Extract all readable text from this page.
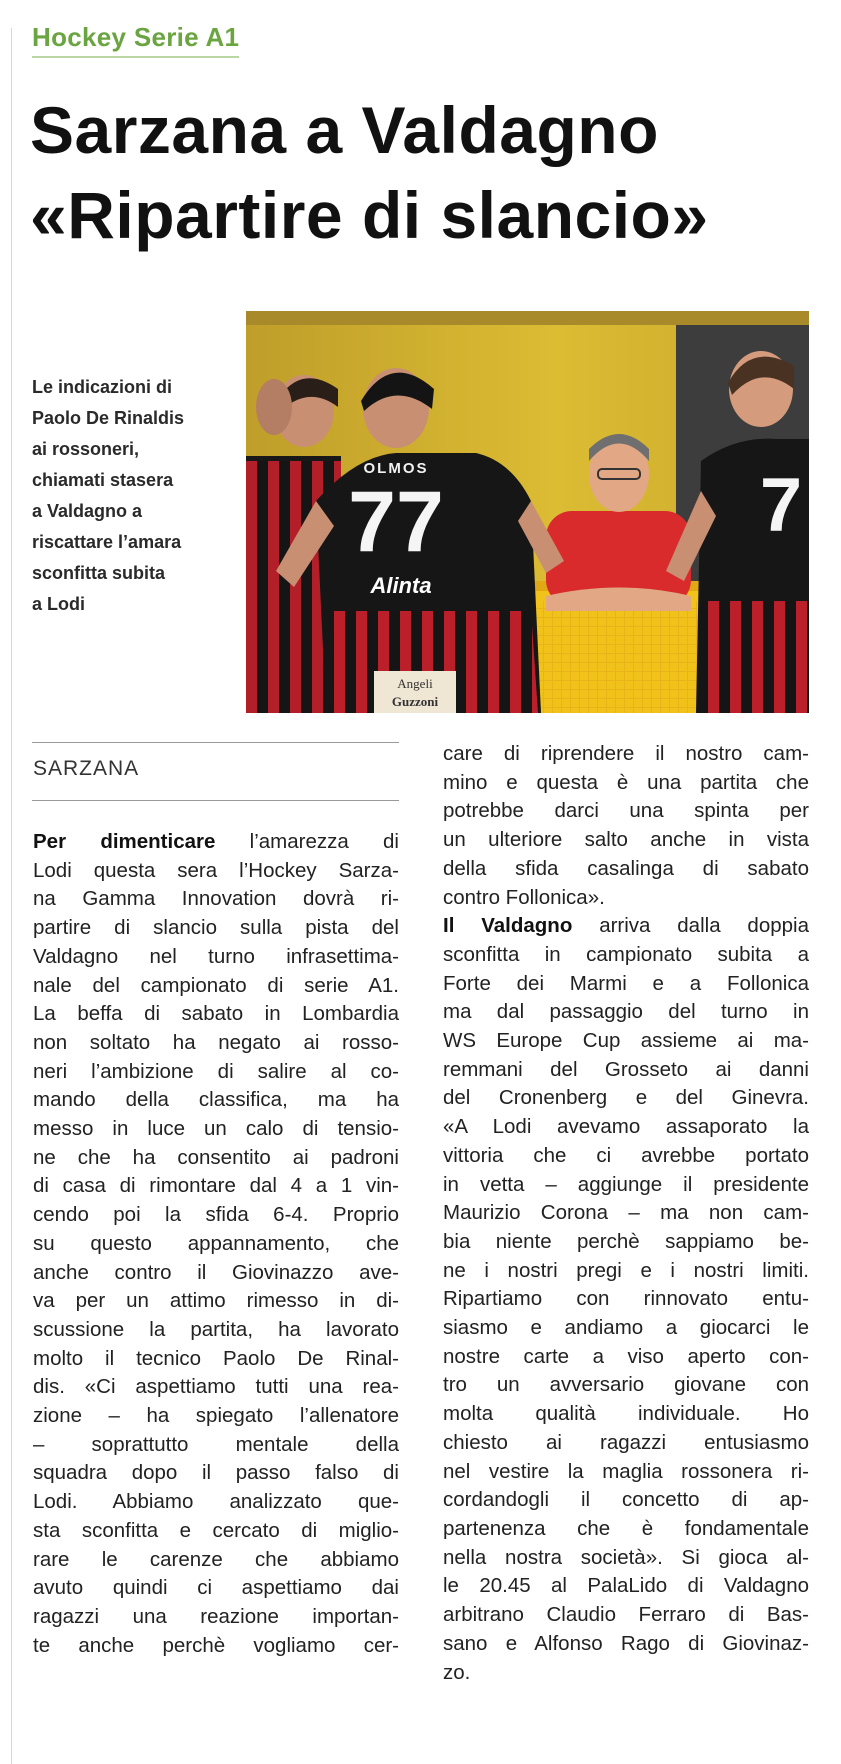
Hockey Serie A1
Sarzana a Valdagno
«Ripartire di slancio»
Le indicazioni di
Paolo De Rinaldis
ai rossoneri,
chiamati stasera
a Valdagno a
riscattare l’amara
sconfitta subita
a Lodi
OLMOS
77
Alinta
Angeli
Guzzoni
7
SARZANA
Per dimenticare l’amarezza di
Lodi questa sera l’Hockey Sarza-
na Gamma Innovation dovrà ri-
partire di slancio sulla pista del
Valdagno nel turno infrasettima-
nale del campionato di serie A1.
La beffa di sabato in Lombardia
non soltato ha negato ai rosso-
neri l’ambizione di salire al co-
mando della classifica, ma ha
messo in luce un calo di tensio-
ne che ha consentito ai padroni
di casa di rimontare dal 4 a 1 vin-
cendo poi la sfida 6-4. Proprio
su questo appannamento, che
anche contro il Giovinazzo ave-
va per un attimo rimesso in di-
scussione la partita, ha lavorato
molto il tecnico Paolo De Rinal-
dis. «Ci aspettiamo tutti una rea-
zione – ha spiegato l’allenatore
– soprattutto mentale della
squadra dopo il passo falso di
Lodi. Abbiamo analizzato que-
sta sconfitta e cercato di miglio-
rare le carenze che abbiamo
avuto quindi ci aspettiamo dai
ragazzi una reazione importan-
te anche perchè vogliamo cer-
care di riprendere il nostro cam-
mino e questa è una partita che
potrebbe darci una spinta per
un ulteriore salto anche in vista
della sfida casalinga di sabato
contro Follonica».
Il Valdagno arriva dalla doppia
sconfitta in campionato subita a
Forte dei Marmi e a Follonica
ma dal passaggio del turno in
WS Europe Cup assieme ai ma-
remmani del Grosseto ai danni
del Cronenberg e del Ginevra.
«A Lodi avevamo assaporato la
vittoria che ci avrebbe portato
in vetta – aggiunge il presidente
Maurizio Corona – ma non cam-
bia niente perchè sappiamo be-
ne i nostri pregi e i nostri limiti.
Ripartiamo con rinnovato entu-
siasmo e andiamo a giocarci le
nostre carte a viso aperto con-
tro un avversario giovane con
molta qualità individuale. Ho
chiesto ai ragazzi entusiasmo
nel vestire la maglia rossonera ri-
cordandogli il concetto di ap-
partenenza che è fondamentale
nella nostra società». Si gioca al-
le 20.45 al PalaLido di Valdagno
arbitrano Claudio Ferraro di Bas-
sano e Alfonso Rago di Giovinaz-
zo.
